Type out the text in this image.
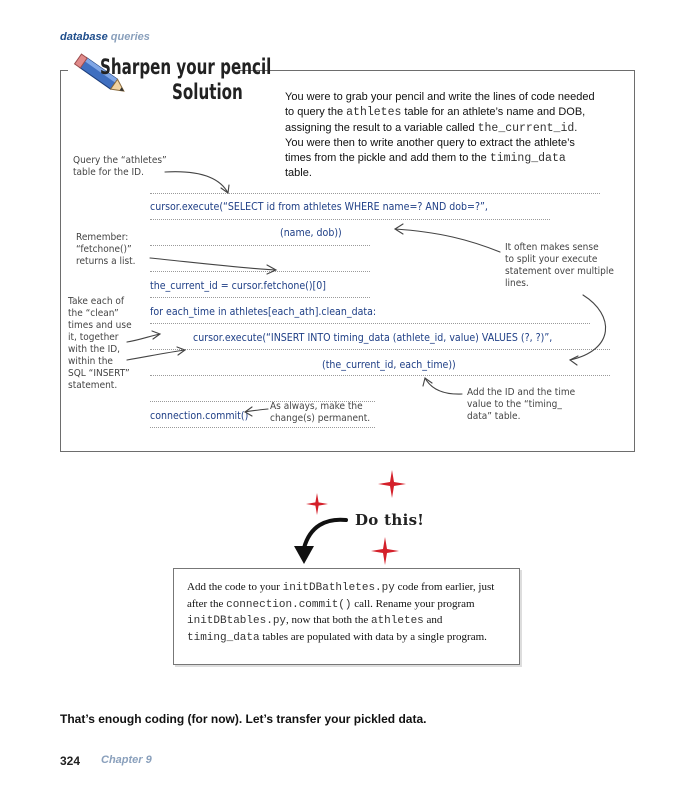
database queries
Sharpen your pencil
Solution	You were to grab your pencil and write the lines of code needed to query the athletes table for an athlete’s name and DOB, assigning the result to a variable called the_current_id. You were then to write another query to extract the athlete’s times from the pickle and add them to the timing_data table.
cursor.execute(“SELECT id from athletes WHERE name=? AND dob=?”,
(name, dob))
the_current_id = cursor.fetchone()[0]
for each_time in athletes[each_ath].clean_data:
cursor.execute(“INSERT INTO timing_data (athlete_id, value) VALUES (?, ?)”,
(the_current_id, each_time))
connection.commit()
Query the “athletes”
table for the ID.
Remember:
“fetchone()”
returns a list.
Take each of
the “clean”
times and use
it, together
with the ID,
within the
SQL “INSERT”
statement.
It often makes sense
to split your execute
statement over multiple
lines.
Add the ID and the time
value to the “timing_
data” table.
As always, make the
change(s) permanent.
Do this!
Add the code to your initDBathletes.py code from earlier, just after the connection.commit() call. Rename your program initDBtables.py, now that both the athletes and timing_data tables are populated with data by a single program.
That’s enough coding (for now). Let’s transfer your pickled data.
324 Chapter 9
